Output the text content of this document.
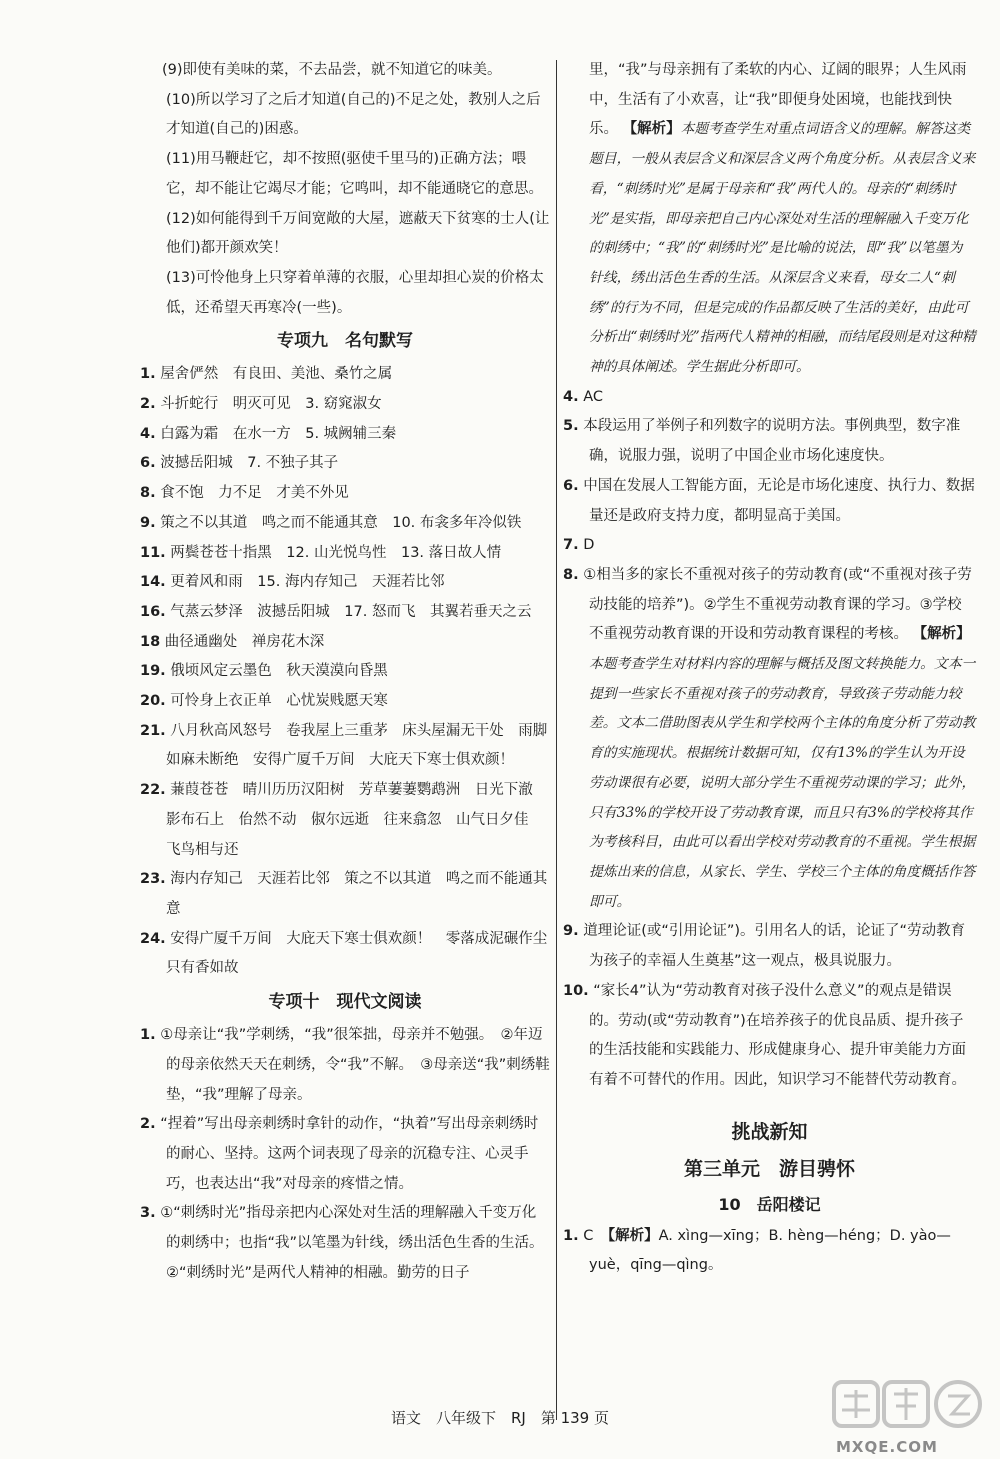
(9)即使有美味的菜，不去品尝，就不知道它的味美。
(10)所以学习了之后才知道(自己的)不足之处，教别人之后才知道(自己的)困惑。
(11)用马鞭赶它，却不按照(驱使千里马的)正确方法；喂它，却不能让它竭尽才能；它鸣叫，却不能通晓它的意思。
(12)如何能得到千万间宽敞的大屋，遮蔽天下贫寒的士人(让他们)都开颜欢笑！
(13)可怜他身上只穿着单薄的衣服，心里却担心炭的价格太低，还希望天再寒冷(一些)。
专项九　名句默写
1. 屋舍俨然　有良田、美池、桑竹之属
2. 斗折蛇行　明灭可见　3. 窈窕淑女
4. 白露为霜　在水一方　5. 城阙辅三秦
6. 波撼岳阳城　7. 不独子其子
8. 食不饱　力不足　才美不外见
9. 策之不以其道　鸣之而不能通其意　10. 布衾多年冷似铁
11. 两鬓苍苍十指黑　12. 山光悦鸟性　13. 落日故人情
14. 更着风和雨　15. 海内存知己　天涯若比邻
16. 气蒸云梦泽　波撼岳阳城　17. 怒而飞　其翼若垂天之云
18 曲径通幽处　禅房花木深
19. 俄顷风定云墨色　秋天漠漠向昏黑
20. 可怜身上衣正单　心忧炭贱愿天寒
21. 八月秋高风怒号　卷我屋上三重茅　床头屋漏无干处　雨脚如麻未断绝　安得广厦千万间　大庇天下寒士俱欢颜！
22. 蒹葭苍苍　晴川历历汉阳树　芳草萋萋鹦鹉洲　日光下澈　影布石上　佁然不动　俶尔远逝　往来翕忽　山气日夕佳　飞鸟相与还
23. 海内存知己　天涯若比邻　策之不以其道　鸣之而不能通其意
24. 安得广厦千万间　大庇天下寒士俱欢颜！　零落成泥碾作尘　只有香如故
专项十　现代文阅读
1. ①母亲让“我”学刺绣，“我”很笨拙，母亲并不勉强。　②年迈的母亲依然天天在刺绣，令“我”不解。　③母亲送“我”刺绣鞋垫，“我”理解了母亲。
2. “捏着”写出母亲刺绣时拿针的动作，“执着”写出母亲刺绣时的耐心、坚持。这两个词表现了母亲的沉稳专注、心灵手巧，也表达出“我”对母亲的疼惜之情。
3. ①“刺绣时光”指母亲把内心深处对生活的理解融入千变万化的刺绣中；也指“我”以笔墨为针线，绣出活色生香的生活。②“刺绣时光”是两代人精神的相融。勤劳的日子
里，“我”与母亲拥有了柔软的内心、辽阔的眼界；人生风雨中，生活有了小欢喜，让“我”即便身处困境，也能找到快乐。 【解析】本题考查学生对重点词语含义的理解。解答这类题目，一般从表层含义和深层含义两个角度分析。从表层含义来看，“刺绣时光”是属于母亲和“我”两代人的。母亲的“刺绣时光”是实指，即母亲把自己内心深处对生活的理解融入千变万化的刺绣中；“我”的“刺绣时光”是比喻的说法，即“我”以笔墨为针线，绣出活色生香的生活。从深层含义来看，母女二人“刺绣”的行为不同，但是完成的作品都反映了生活的美好，由此可分析出“刺绣时光”指两代人精神的相融，而结尾段则是对这种精神的具体阐述。学生据此分析即可。
4. AC
5. 本段运用了举例子和列数字的说明方法。事例典型，数字准确，说服力强，说明了中国企业市场化速度快。
6. 中国在发展人工智能方面，无论是市场化速度、执行力、数据量还是政府支持力度，都明显高于美国。
7. D
8. ①相当多的家长不重视对孩子的劳动教育(或“不重视对孩子劳动技能的培养”)。②学生不重视劳动教育课的学习。③学校不重视劳动教育课的开设和劳动教育课程的考核。 【解析】本题考查学生对材料内容的理解与概括及图文转换能力。文本一提到一些家长不重视对孩子的劳动教育，导致孩子劳动能力较差。文本二借助图表从学生和学校两个主体的角度分析了劳动教育的实施现状。根据统计数据可知，仅有13%的学生认为开设劳动课很有必要，说明大部分学生不重视劳动课的学习；此外，只有33%的学校开设了劳动教育课，而且只有3%的学校将其作为考核科目，由此可以看出学校对劳动教育的不重视。学生根据提炼出来的信息，从家长、学生、学校三个主体的角度概括作答即可。
9. 道理论证(或“引用论证”)。引用名人的话，论证了“劳动教育为孩子的幸福人生奠基”这一观点，极具说服力。
10. “家长4”认为“劳动教育对孩子没什么意义”的观点是错误的。劳动(或“劳动教育”)在培养孩子的优良品质、提升孩子的生活技能和实践能力、形成健康身心、提升审美能力方面有着不可替代的作用。因此，知识学习不能替代劳动教育。
挑战新知
第三单元　游目骋怀
10　岳阳楼记
1. C　 【解析】A. xìng—xīng；B. hèng—héng；D. yào—yuè，qīng—qìng。
语文　八年级下　RJ　第 139 页
MXQE.COM
